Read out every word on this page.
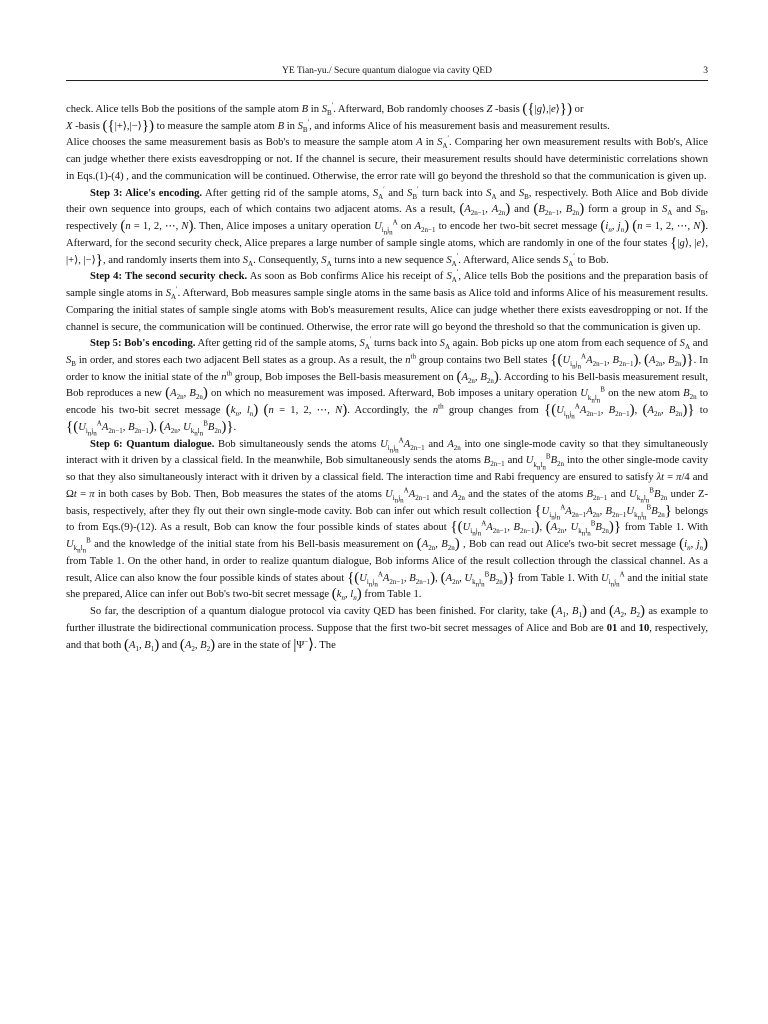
YE Tian-yu./ Secure quantum dialogue via cavity QED	3

check. Alice tells Bob the positions of the sample atom B in $S_B'$. Afterward, Bob randomly chooses Z -basis ({|g⟩,|e⟩}) or
X -basis ({|+⟩,|−⟩}) to measure the sample atom B in $S_B'$, and informs Alice of his measurement basis and measurement results.
Alice chooses the same measurement basis as Bob's to measure the sample atom A in $S_A'$. Comparing her own measurement results with Bob's, Alice can judge whether there exists eavesdropping or not. If the channel is secure, their measurement results should have deterministic correlations shown in Eqs.(1)-(4) , and the communication will be continued. Otherwise, the error rate will go beyond the threshold so that the communication is given up.

Step 3: Alice's encoding. After getting rid of the sample atoms, $S_A'$ and $S_B'$ turn back into $S_A$ and $S_B$, respectively. Both Alice and Bob divide their own sequence into groups, each of which contains two adjacent atoms. As a result, ($A_{2n-1}$, $A_{2n}$) and ($B_{2n-1}$, $B_{2n}$) form a group in $S_A$ and $S_B$, respectively (n = 1, 2, ⋯, N). Then, Alice imposes a unitary operation $U_{i_nj_n}^A$ on $A_{2n-1}$ to encode her two-bit secret message ($i_n$, $j_n$) (n = 1, 2, ⋯, N). Afterward, for the second security check, Alice prepares a large number of sample single atoms, which are randomly in one of the four states {|g⟩, |e⟩, |+⟩, |−⟩}, and randomly inserts them into $S_A$. Consequently, $S_A$ turns into a new sequence $S_A'$. Afterward, Alice sends $S_A'$ to Bob.

Step 4: The second security check. As soon as Bob confirms Alice his receipt of $S_A'$, Alice tells Bob the positions and the preparation basis of sample single atoms in $S_A'$. Afterward, Bob measures sample single atoms in the same basis as Alice told and informs Alice of his measurement results. Comparing the initial states of sample single atoms with Bob's measurement results, Alice can judge whether there exists eavesdropping or not. If the channel is secure, the communication will be continued. Otherwise, the error rate will go beyond the threshold so that the communication is given up.

Step 5: Bob's encoding. After getting rid of the sample atoms, $S_A'$ turns back into $S_A$ again. Bob picks up one atom from each sequence of $S_A$ and $S_B$ in order, and stores each two adjacent Bell states as a group. As a result, the $n^{th}$ group contains two Bell states {($U_{i_nj_n}^AA_{2n-1}$, $B_{2n-1}$), ($A_{2n}$, $B_{2n}$)}. In order to know the initial state of the $n^{th}$ group, Bob imposes the Bell-basis measurement on ($A_{2n}$, $B_{2n}$). According to his Bell-basis measurement result, Bob reproduces a new ($A_{2n}$, $B_{2n}$) on which no measurement was imposed. Afterward, Bob imposes a unitary operation $U_{k_nl_n}^B$ on the new atom $B_{2n}$ to encode his two-bit secret message ($k_n$, $l_n$) (n = 1, 2, ⋯, N). Accordingly, the $n^{th}$ group changes from {($U_{i_nj_n}^AA_{2n-1}$, $B_{2n-1}$), ($A_{2n}$, $B_{2n}$)} to {($U_{i_nj_n}^AA_{2n-1}$, $B_{2n-1}$), ($A_{2n}$, $U_{k_nl_n}^BB_{2n}$)}.

Step 6: Quantum dialogue. Bob simultaneously sends the atoms $U_{i_nj_n}^AA_{2n-1}$ and $A_{2n}$ into one single-mode cavity so that they simultaneously interact with it driven by a classical field. In the meanwhile, Bob simultaneously sends the atoms $B_{2n-1}$ and $U_{k_nl_n}^BB_{2n}$ into the other single-mode cavity so that they also simultaneously interact with it driven by a classical field. The interaction time and Rabi frequency are ensured to satisfy λt = π/4 and Ωt = π in both cases by Bob. Then, Bob measures the states of the atoms $U_{i_nj_n}^AA_{2n-1}$ and $A_{2n}$ and the states of the atoms $B_{2n-1}$ and $U_{k_nl_n}^BB_{2n}$ under Z-basis, respectively, after they fly out their own single-mode cavity. Bob can infer out which result collection {$U_{i_nj_n}^AA_{2n-1}A_{2n}$, $B_{2n-1}U_{k_nl_n}^BB_{2n}$} belongs to from Eqs.(9)-(12). As a result, Bob can know the four possible kinds of states about {($U_{i_nj_n}^AA_{2n-1}$, $B_{2n-1}$), ($A_{2n}$, $U_{k_nl_n}^BB_{2n}$)} from Table 1. With $U_{k_nl_n}^B$ and the knowledge of the initial state from his Bell-basis measurement on ($A_{2n}$, $B_{2n}$) , Bob can read out Alice's two-bit secret message ($i_n$, $j_n$) from Table 1. On the other hand, in order to realize quantum dialogue, Bob informs Alice of the result collection through the classical channel. As a result, Alice can also know the four possible kinds of states about {($U_{i_nj_n}^AA_{2n-1}$, $B_{2n-1}$), ($A_{2n}$, $U_{k_nl_n}^BB_{2n}$)} from Table 1. With $U_{i_nj_n}^A$ and the initial state she prepared, Alice can infer out Bob's two-bit secret message ($k_n$, $l_n$) from Table 1.

So far, the description of a quantum dialogue protocol via cavity QED has been finished. For clarity, take ($A_1$, $B_1$) and ($A_2$, $B_2$) as example to further illustrate the bidirectional communication process. Suppose that the first two-bit secret messages of Alice and Bob are 01 and 10, respectively, and that both ($A_1$, $B_1$) and ($A_2$, $B_2$) are in the state of |Ψ−⟩. The
